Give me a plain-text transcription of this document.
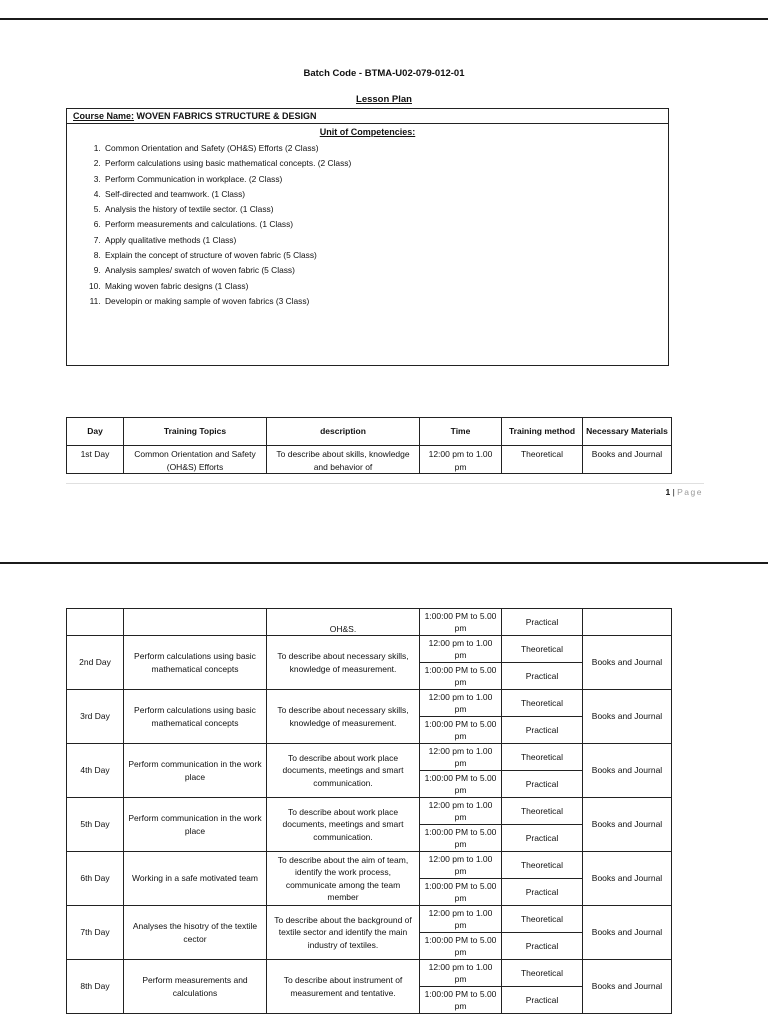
Batch Code - BTMA-U02-079-012-01
Lesson Plan
Course Name: WOVEN FABRICS STRUCTURE & DESIGN
Unit of Competencies:
1. Common Orientation and Safety (OH&S) Efforts (2 Class)
2. Perform calculations using basic mathematical concepts. (2 Class)
3. Perform Communication in workplace. (2 Class)
4. Self-directed and teamwork. (1 Class)
5. Analysis the history of textile sector. (1 Class)
6. Perform measurements and calculations. (1 Class)
7. Apply qualitative methods (1 Class)
8. Explain the concept of structure of woven fabric (5 Class)
9. Analysis samples/ swatch of woven fabric (5 Class)
10. Making woven fabric designs (1 Class)
11. Developin or making sample of woven fabrics (3 Class)
Day	Training Topics	description	Time	Training method	Necessary Materials
1st Day	Common Orientation and Safety (OH&S) Efforts	To describe about skills, knowledge and behavior of	12:00 pm to 1.00 pm	Theoretical	Books and Journal
1 | Page
		OH&S.	1:00:00 PM to 5.00 pm	Practical	
2nd Day	Perform calculations using basic mathematical concepts	To describe about necessary skills, knowledge of measurement.	12:00 pm to 1.00 pm	Theoretical	Books and Journal
			1:00:00 PM to 5.00 pm	Practical	
3rd Day	Perform calculations using basic mathematical concepts	To describe about necessary skills, knowledge of measurement.	12:00 pm to 1.00 pm	Theoretical	Books and Journal
			1:00:00 PM to 5.00 pm	Practical	
4th Day	Perform communication in the work place	To describe about work place documents, meetings and smart communication.	12:00 pm to 1.00 pm	Theoretical	Books and Journal
			1:00:00 PM to 5.00 pm	Practical	
5th Day	Perform communication in the work place	To describe about work place documents, meetings and smart communication.	12:00 pm to 1.00 pm	Theoretical	Books and Journal
			1:00:00 PM to 5.00 pm	Practical	
6th Day	Working in a safe motivated team	To describe about the aim of team, identify the work process, communicate among the team member	12:00 pm to 1.00 pm	Theoretical	Books and Journal
			1:00:00 PM to 5.00 pm	Practical	
7th Day	Analyses the hisotry of the textile cector	To describe about the background of textile sector and identify the main industry of textiles.	12:00 pm to 1.00 pm	Theoretical	Books and Journal
			1:00:00 PM to 5.00 pm	Practical	
8th Day	Perform measurements and calculations	To describe about instrument of measurement and tentative.	12:00 pm to 1.00 pm	Theoretical	Books and Journal
			1:00:00 PM to 5.00 pm	Practical	
